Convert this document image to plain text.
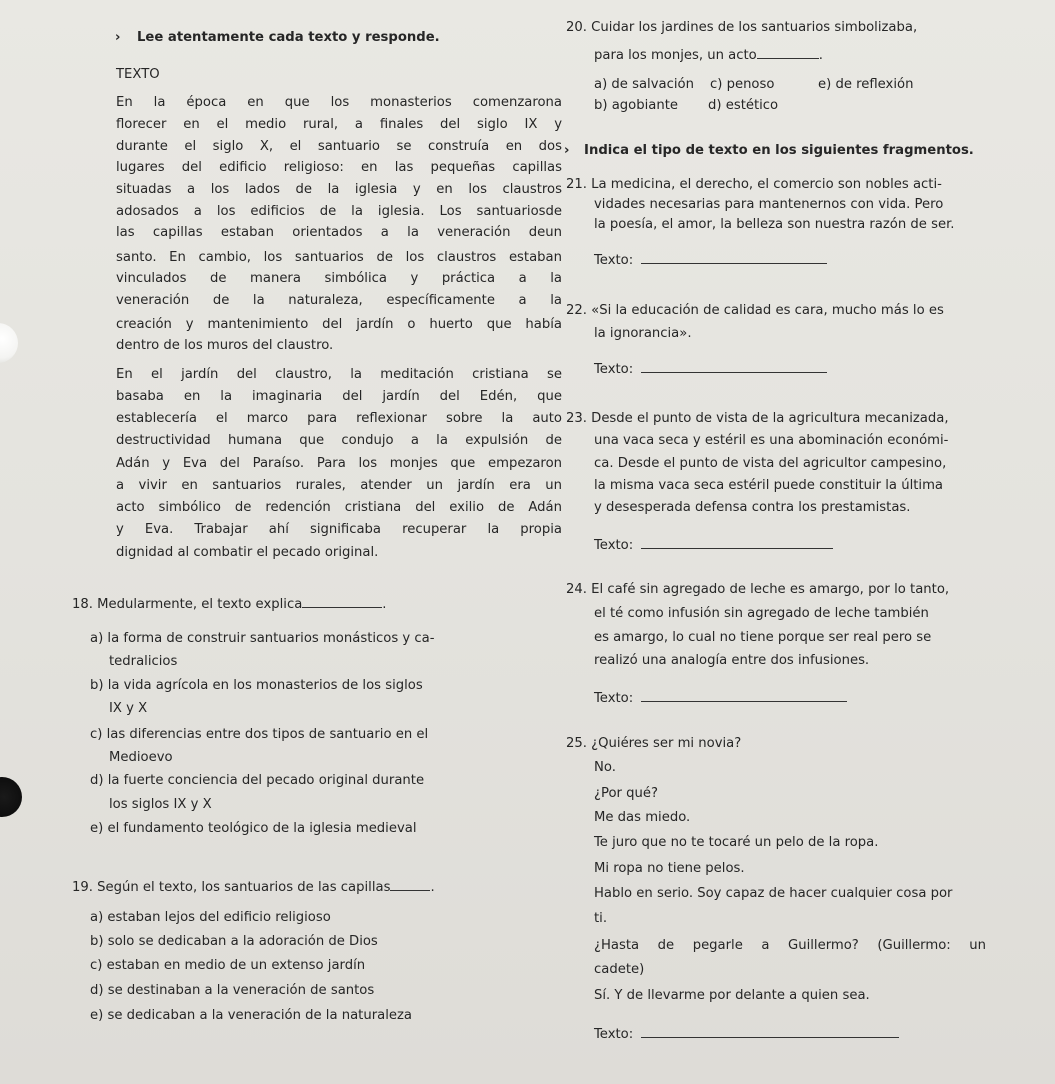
› Lee atentamente cada texto y responde.
TEXTO
En la época en que los monasterios comenzarona
florecer en el medio rural, a finales del siglo IX y
durante el siglo X, el santuario se construía en dos
lugares del edificio religioso: en las pequeñas capillas
situadas a los lados de la iglesia y en los claustros
adosados a los edificios de la iglesia. Los santuariosde
las capillas estaban orientados a la veneración deun
santo. En cambio, los santuarios de los claustros estaban
vinculados de manera simbólica y práctica a la
veneración de la naturaleza, específicamente a la
creación y mantenimiento del jardín o huerto que había
dentro de los muros del claustro.
En el jardín del claustro, la meditación cristiana se
basaba en la imaginaria del jardín del Edén, que
establecería el marco para reflexionar sobre la auto
destructividad humana que condujo a la expulsión de
Adán y Eva del Paraíso. Para los monjes que empezaron
a vivir en santuarios rurales, atender un jardín era un
acto simbólico de redención cristiana del exilio de Adán
y Eva. Trabajar ahí significaba recuperar la propia
dignidad al combatir el pecado original.
18. Medularmente, el texto explica	.
a) la forma de construir santuarios monásticos y ca-
tedralicios
b) la vida agrícola en los monasterios de los siglos
IX y X
c) las diferencias entre dos tipos de santuario en el
Medioevo
d) la fuerte conciencia del pecado original durante
los siglos IX y X
e) el fundamento teológico de la iglesia medieval
19. Según el texto, los santuarios de las capillas	.
a) estaban lejos del edificio religioso
b) solo se dedicaban a la adoración de Dios
c) estaban en medio de un extenso jardín
d) se destinaban a la veneración de santos
e) se dedicaban a la veneración de la naturaleza
20. Cuidar los jardines de los santuarios simbolizaba,
para los monjes, un acto	.
a) de salvación c) penoso	e) de reflexión
b) agobiante d) estético
› Indica el tipo de texto en los siguientes fragmentos.
21. La medicina, el derecho, el comercio son nobles acti-
vidades necesarias para mantenernos con vida. Pero
la poesía, el amor, la belleza son nuestra razón de ser.
Texto:
22. «Si la educación de calidad es cara, mucho más lo es
la ignorancia».
Texto:
23. Desde el punto de vista de la agricultura mecanizada,
una vaca seca y estéril es una abominación económi-
ca. Desde el punto de vista del agricultor campesino,
la misma vaca seca estéril puede constituir la última
y desesperada defensa contra los prestamistas.
Texto:
24. El café sin agregado de leche es amargo, por lo tanto,
el té como infusión sin agregado de leche también
es amargo, lo cual no tiene porque ser real pero se
realizó una analogía entre dos infusiones.
Texto:
25. ¿Quiéres ser mi novia?
No.
¿Por qué?
Me das miedo.
Te juro que no te tocaré un pelo de la ropa.
Mi ropa no tiene pelos.
Hablo en serio. Soy capaz de hacer cualquier cosa por
ti.
¿Hasta de pegarle a Guillermo? (Guillermo: un
cadete)
Sí. Y de llevarme por delante a quien sea.
Texto:
